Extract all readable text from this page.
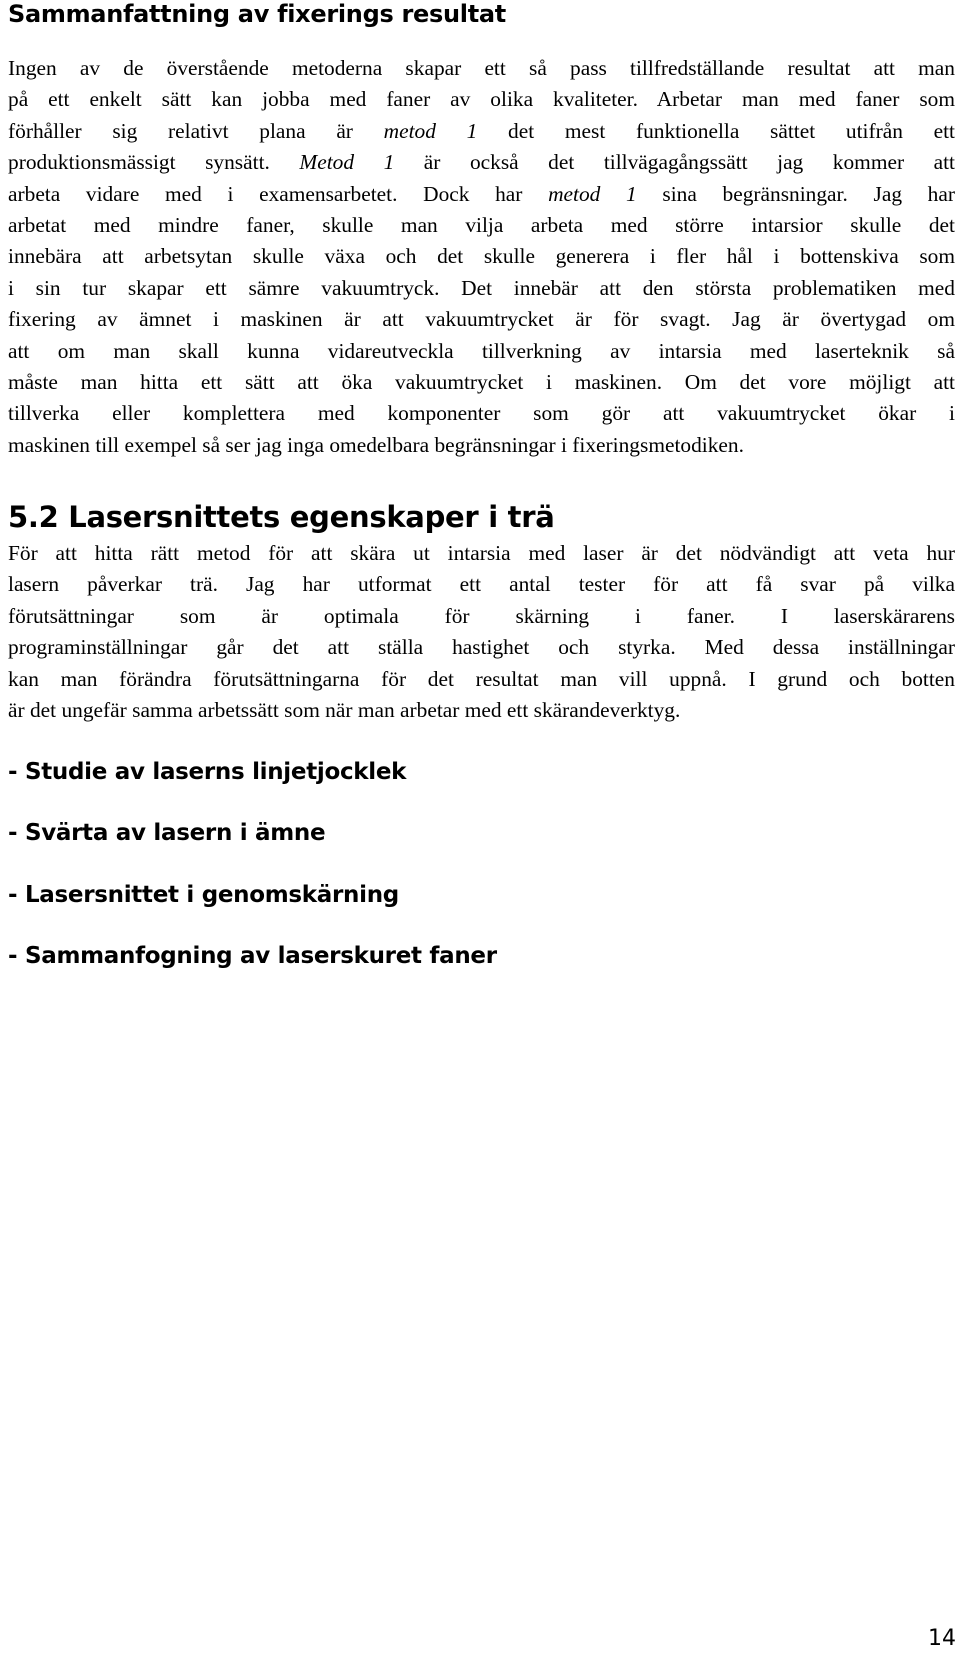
Sammanfattning av fixerings resultat
Ingen av de överstående metoderna skapar ett så pass tillfredställande resultat att man
på ett enkelt sätt kan jobba med faner av olika kvaliteter. Arbetar man med faner som
förhåller sig relativt plana är metod 1 det mest funktionella sättet utifrån ett
produktionsmässigt synsätt. Metod 1 är också det tillvägagångssätt jag kommer att
arbeta vidare med i examensarbetet. Dock har metod 1 sina begränsningar. Jag har
arbetat med mindre faner, skulle man vilja arbeta med större intarsior skulle det
innebära att arbetsytan skulle växa och det skulle generera i fler hål i bottenskiva som
i sin tur skapar ett sämre vakuumtryck. Det innebär att den största problematiken med
fixering av ämnet i maskinen är att vakuumtrycket är för svagt. Jag är övertygad om
att om man skall kunna vidareutveckla tillverkning av intarsia med laserteknik så
måste man hitta ett sätt att öka vakuumtrycket i maskinen. Om det vore möjligt att
tillverka eller komplettera med komponenter som gör att vakuumtrycket ökar i
maskinen till exempel så ser jag inga omedelbara begränsningar i fixeringsmetodiken.
5.2 Lasersnittets egenskaper i trä
För att hitta rätt metod för att skära ut intarsia med laser är det nödvändigt att veta hur
lasern påverkar trä. Jag har utformat ett antal tester för att få svar på vilka
förutsättningar som är optimala för skärning i faner. I laserskärarens
programinställningar går det att ställa hastighet och styrka. Med dessa inställningar
kan man förändra förutsättningarna för det resultat man vill uppnå. I grund och botten
är det ungefär samma arbetssätt som när man arbetar med ett skärandeverktyg.

- Studie av laserns linjetjocklek

- Svärta av lasern i ämne

- Lasersnittet i genomskärning

- Sammanfogning av laserskuret faner

14
